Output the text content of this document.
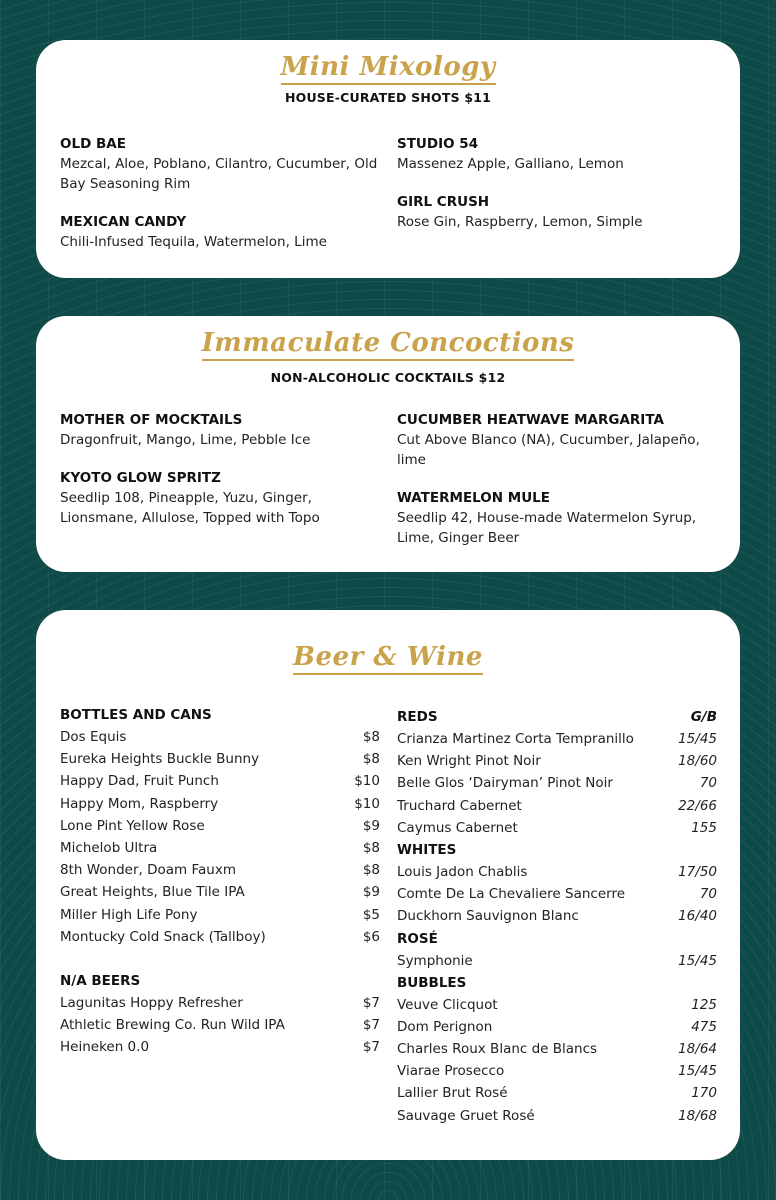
Mini Mixology
HOUSE-CURATED SHOTS $11
OLD BAE
Mezcal, Aloe, Poblano, Cilantro, Cucumber, Old Bay Seasoning Rim
MEXICAN CANDY
Chili-Infused Tequila, Watermelon, Lime
STUDIO 54
Massenez Apple, Galliano, Lemon
GIRL CRUSH
Rose Gin, Raspberry, Lemon, Simple
Immaculate Concoctions
NON-ALCOHOLIC COCKTAILS $12
MOTHER OF MOCKTAILS
Dragonfruit, Mango, Lime, Pebble Ice
KYOTO GLOW SPRITZ
Seedlip 108, Pineapple, Yuzu, Ginger, Lionsmane, Allulose, Topped with Topo
CUCUMBER HEATWAVE MARGARITA
Cut Above Blanco (NA), Cucumber, Jalapeño, lime
WATERMELON MULE
Seedlip 42, House-made Watermelon Syrup, Lime, Ginger Beer
Beer & Wine
BOTTLES AND CANS
Dos Equis	$8
Eureka Heights Buckle Bunny	$8
Happy Dad, Fruit Punch	$10
Happy Mom, Raspberry	$10
Lone Pint Yellow Rose	$9
Michelob Ultra	$8
8th Wonder, Doam Fauxm	$8
Great Heights, Blue Tile IPA	$9
Miller High Life Pony	$5
Montucky Cold Snack (Tallboy)	$6
N/A BEERS
Lagunitas Hoppy Refresher	$7
Athletic Brewing Co. Run Wild IPA	$7
Heineken 0.0	$7
REDS	G/B
Crianza Martinez Corta Tempranillo	15/45
Ken Wright Pinot Noir	18/60
Belle Glos ‘Dairyman’ Pinot Noir	70
Truchard Cabernet	22/66
Caymus Cabernet	155
WHITES
Louis Jadon Chablis	17/50
Comte De La Chevaliere Sancerre	70
Duckhorn Sauvignon Blanc	16/40
ROSÉ
Symphonie	15/45
BUBBLES
Veuve Clicquot	125
Dom Perignon	475
Charles Roux Blanc de Blancs	18/64
Viarae Prosecco	15/45
Lallier Brut Rosé	170
Sauvage Gruet Rosé	18/68
